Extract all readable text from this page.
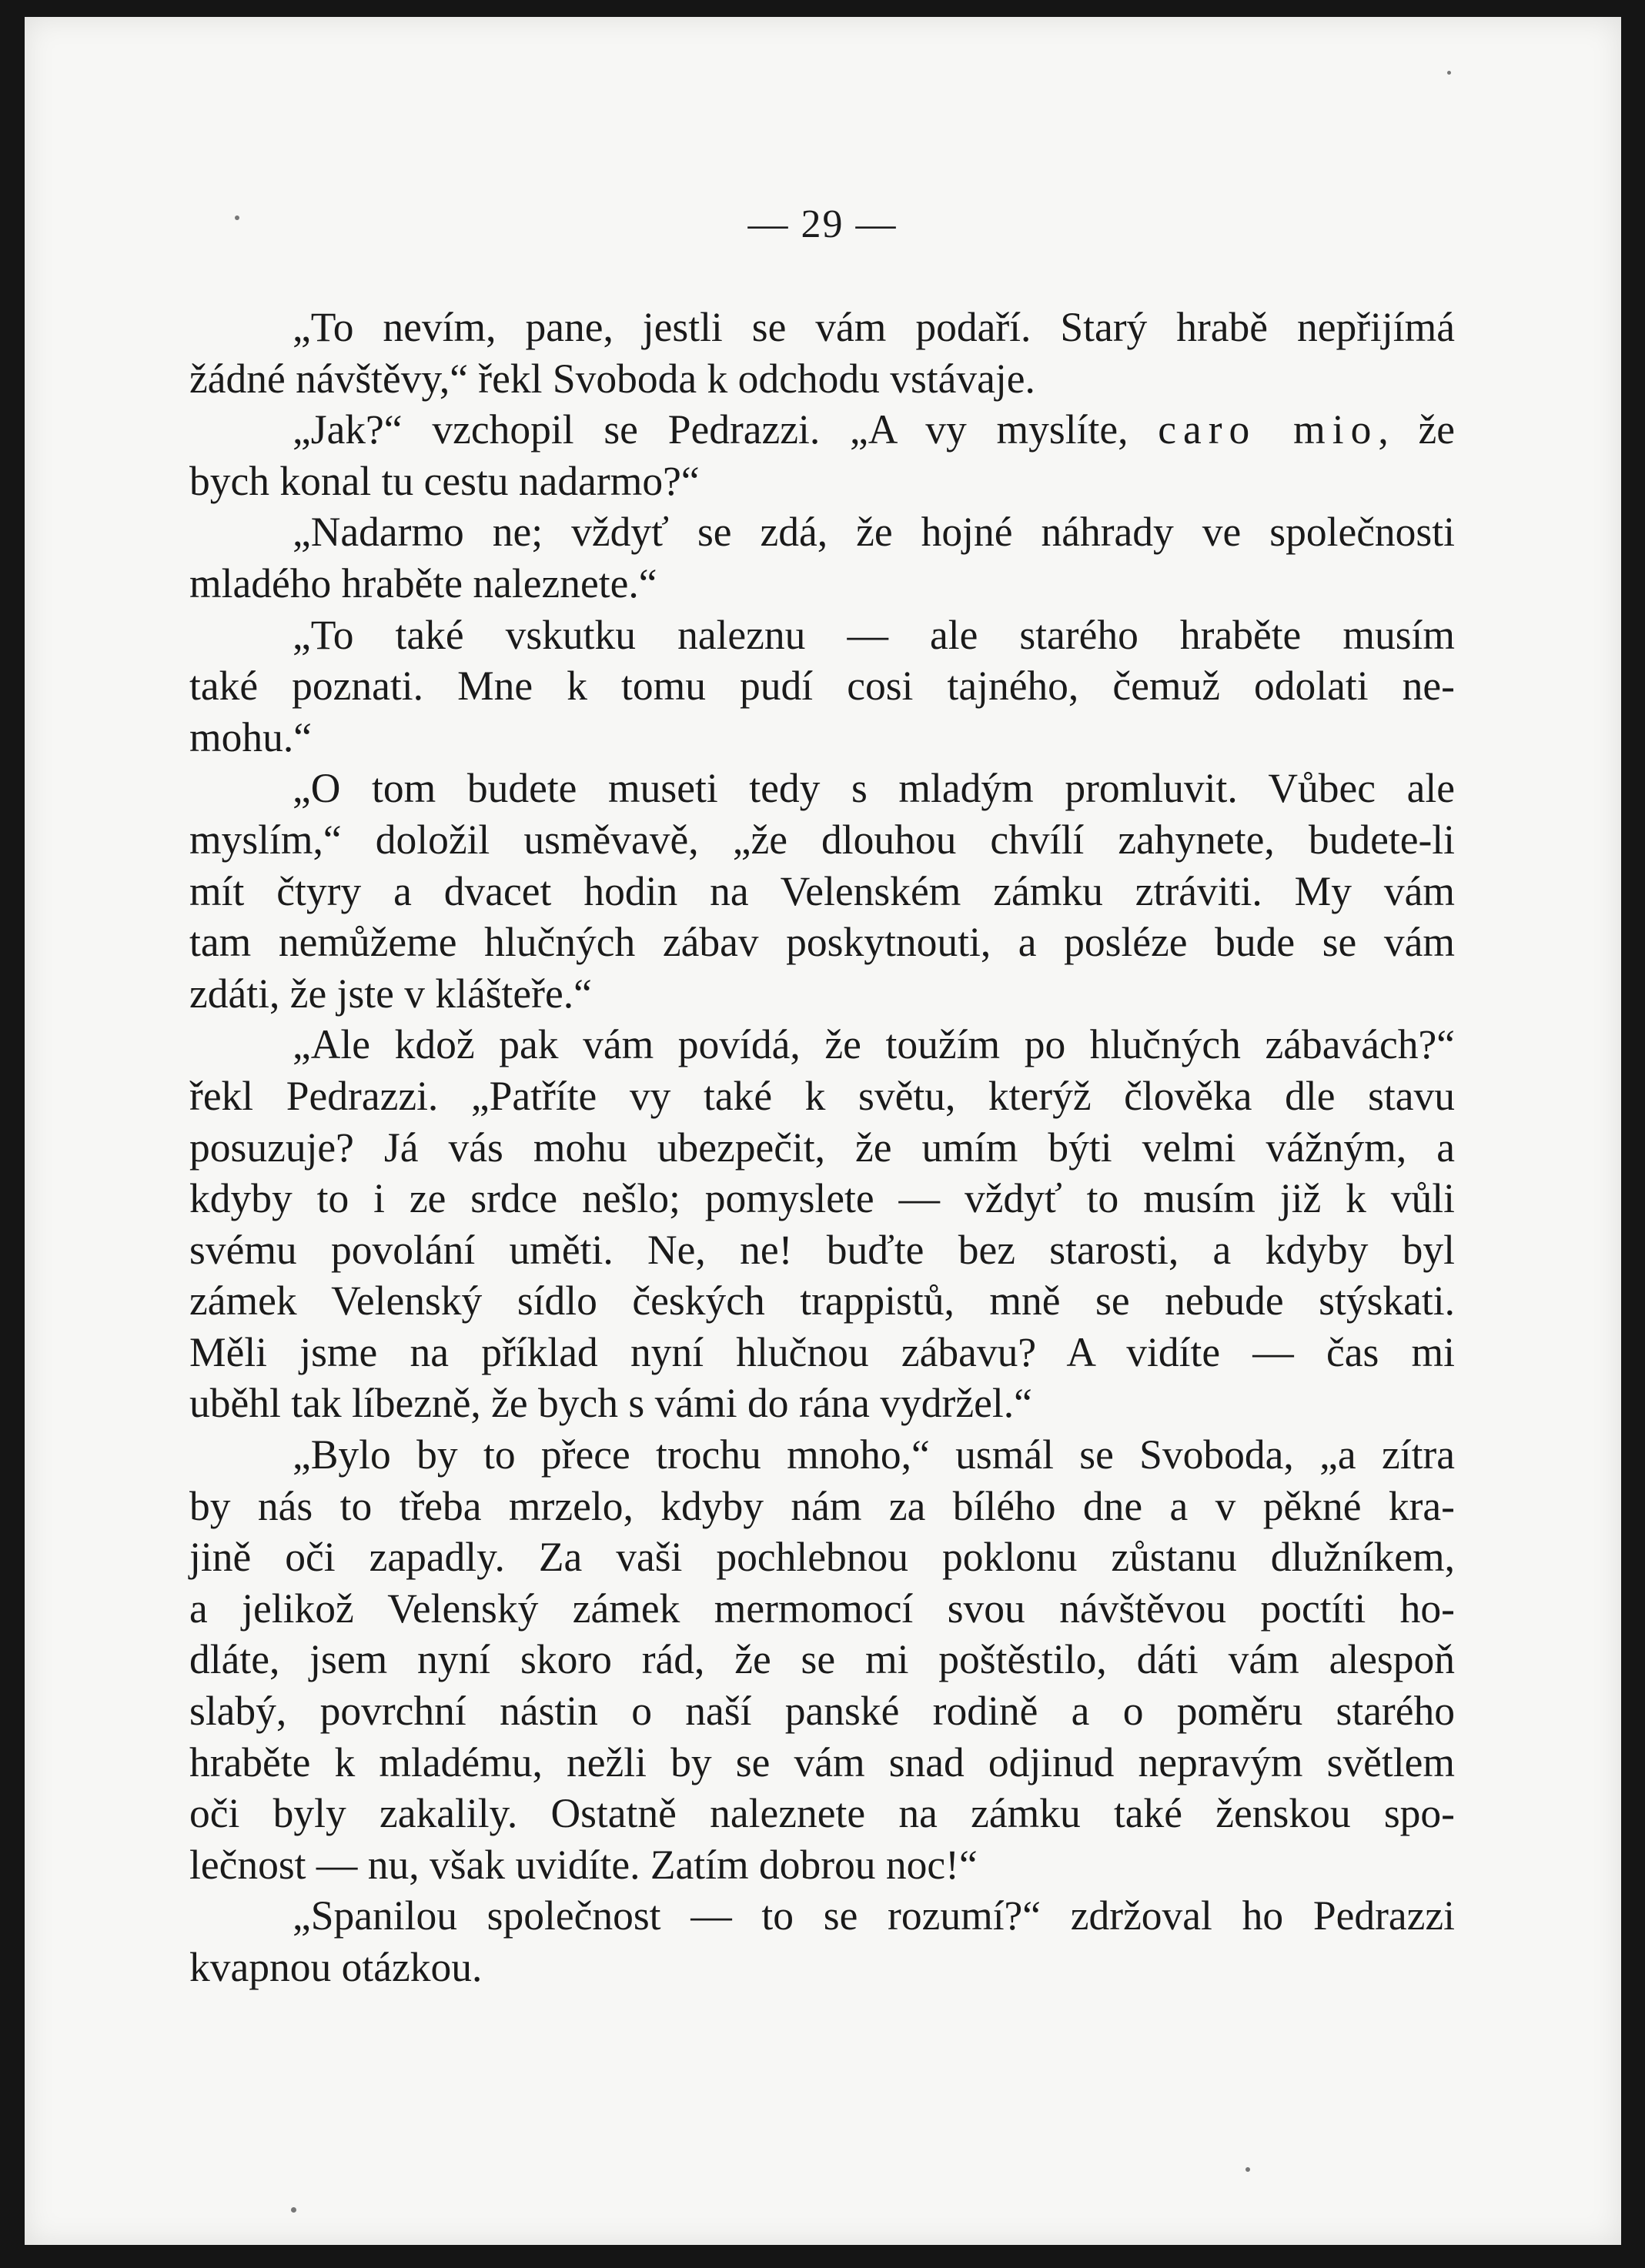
— 29 —
„To nevím, pane, jestli se vám podaří. Starý hrabě nepřijímá
žádné návštěvy,“ řekl Svoboda k odchodu vstávaje.
„Jak?“ vzchopil se Pedrazzi. „A vy myslíte, caro mio, že
bych konal tu cestu nadarmo?“
„Nadarmo ne; vždyť se zdá, že hojné náhrady ve společnosti
mladého hraběte naleznete.“
„To také vskutku naleznu — ale starého hraběte musím
také poznati. Mne k tomu pudí cosi tajného, čemuž odolati ne-
mohu.“
„O tom budete museti tedy s mladým promluvit. Vůbec ale
myslím,“ doložil usměvavě, „že dlouhou chvílí zahynete, budete-li
mít čtyry a dvacet hodin na Velenském zámku ztráviti. My vám
tam nemůžeme hlučných zábav poskytnouti, a posléze bude se vám
zdáti, že jste v klášteře.“
„Ale kdož pak vám povídá, že toužím po hlučných zábavách?“
řekl Pedrazzi. „Patříte vy také k světu, kterýž člověka dle stavu
posuzuje? Já vás mohu ubezpečit, že umím býti velmi vážným, a
kdyby to i ze srdce nešlo; pomyslete — vždyť to musím již k vůli
svému povolání uměti. Ne, ne! buďte bez starosti, a kdyby byl
zámek Velenský sídlo českých trappistů, mně se nebude stýskati.
Měli jsme na příklad nyní hlučnou zábavu? A vidíte — čas mi
uběhl tak líbezně, že bych s vámi do rána vydržel.“
„Bylo by to přece trochu mnoho,“ usmál se Svoboda, „a zítra
by nás to třeba mrzelo, kdyby nám za bílého dne a v pěkné kra-
jině oči zapadly. Za vaši pochlebnou poklonu zůstanu dlužníkem,
a jelikož Velenský zámek mermomocí svou návštěvou poctíti ho-
dláte, jsem nyní skoro rád, že se mi poštěstilo, dáti vám alespoň
slabý, povrchní nástin o naší panské rodině a o poměru starého
hraběte k mladému, nežli by se vám snad odjinud nepravým světlem
oči byly zakalily. Ostatně naleznete na zámku také ženskou spo-
lečnost — nu, však uvidíte. Zatím dobrou noc!“
„Spanilou společnost — to se rozumí?“ zdržoval ho Pedrazzi
kvapnou otázkou.
